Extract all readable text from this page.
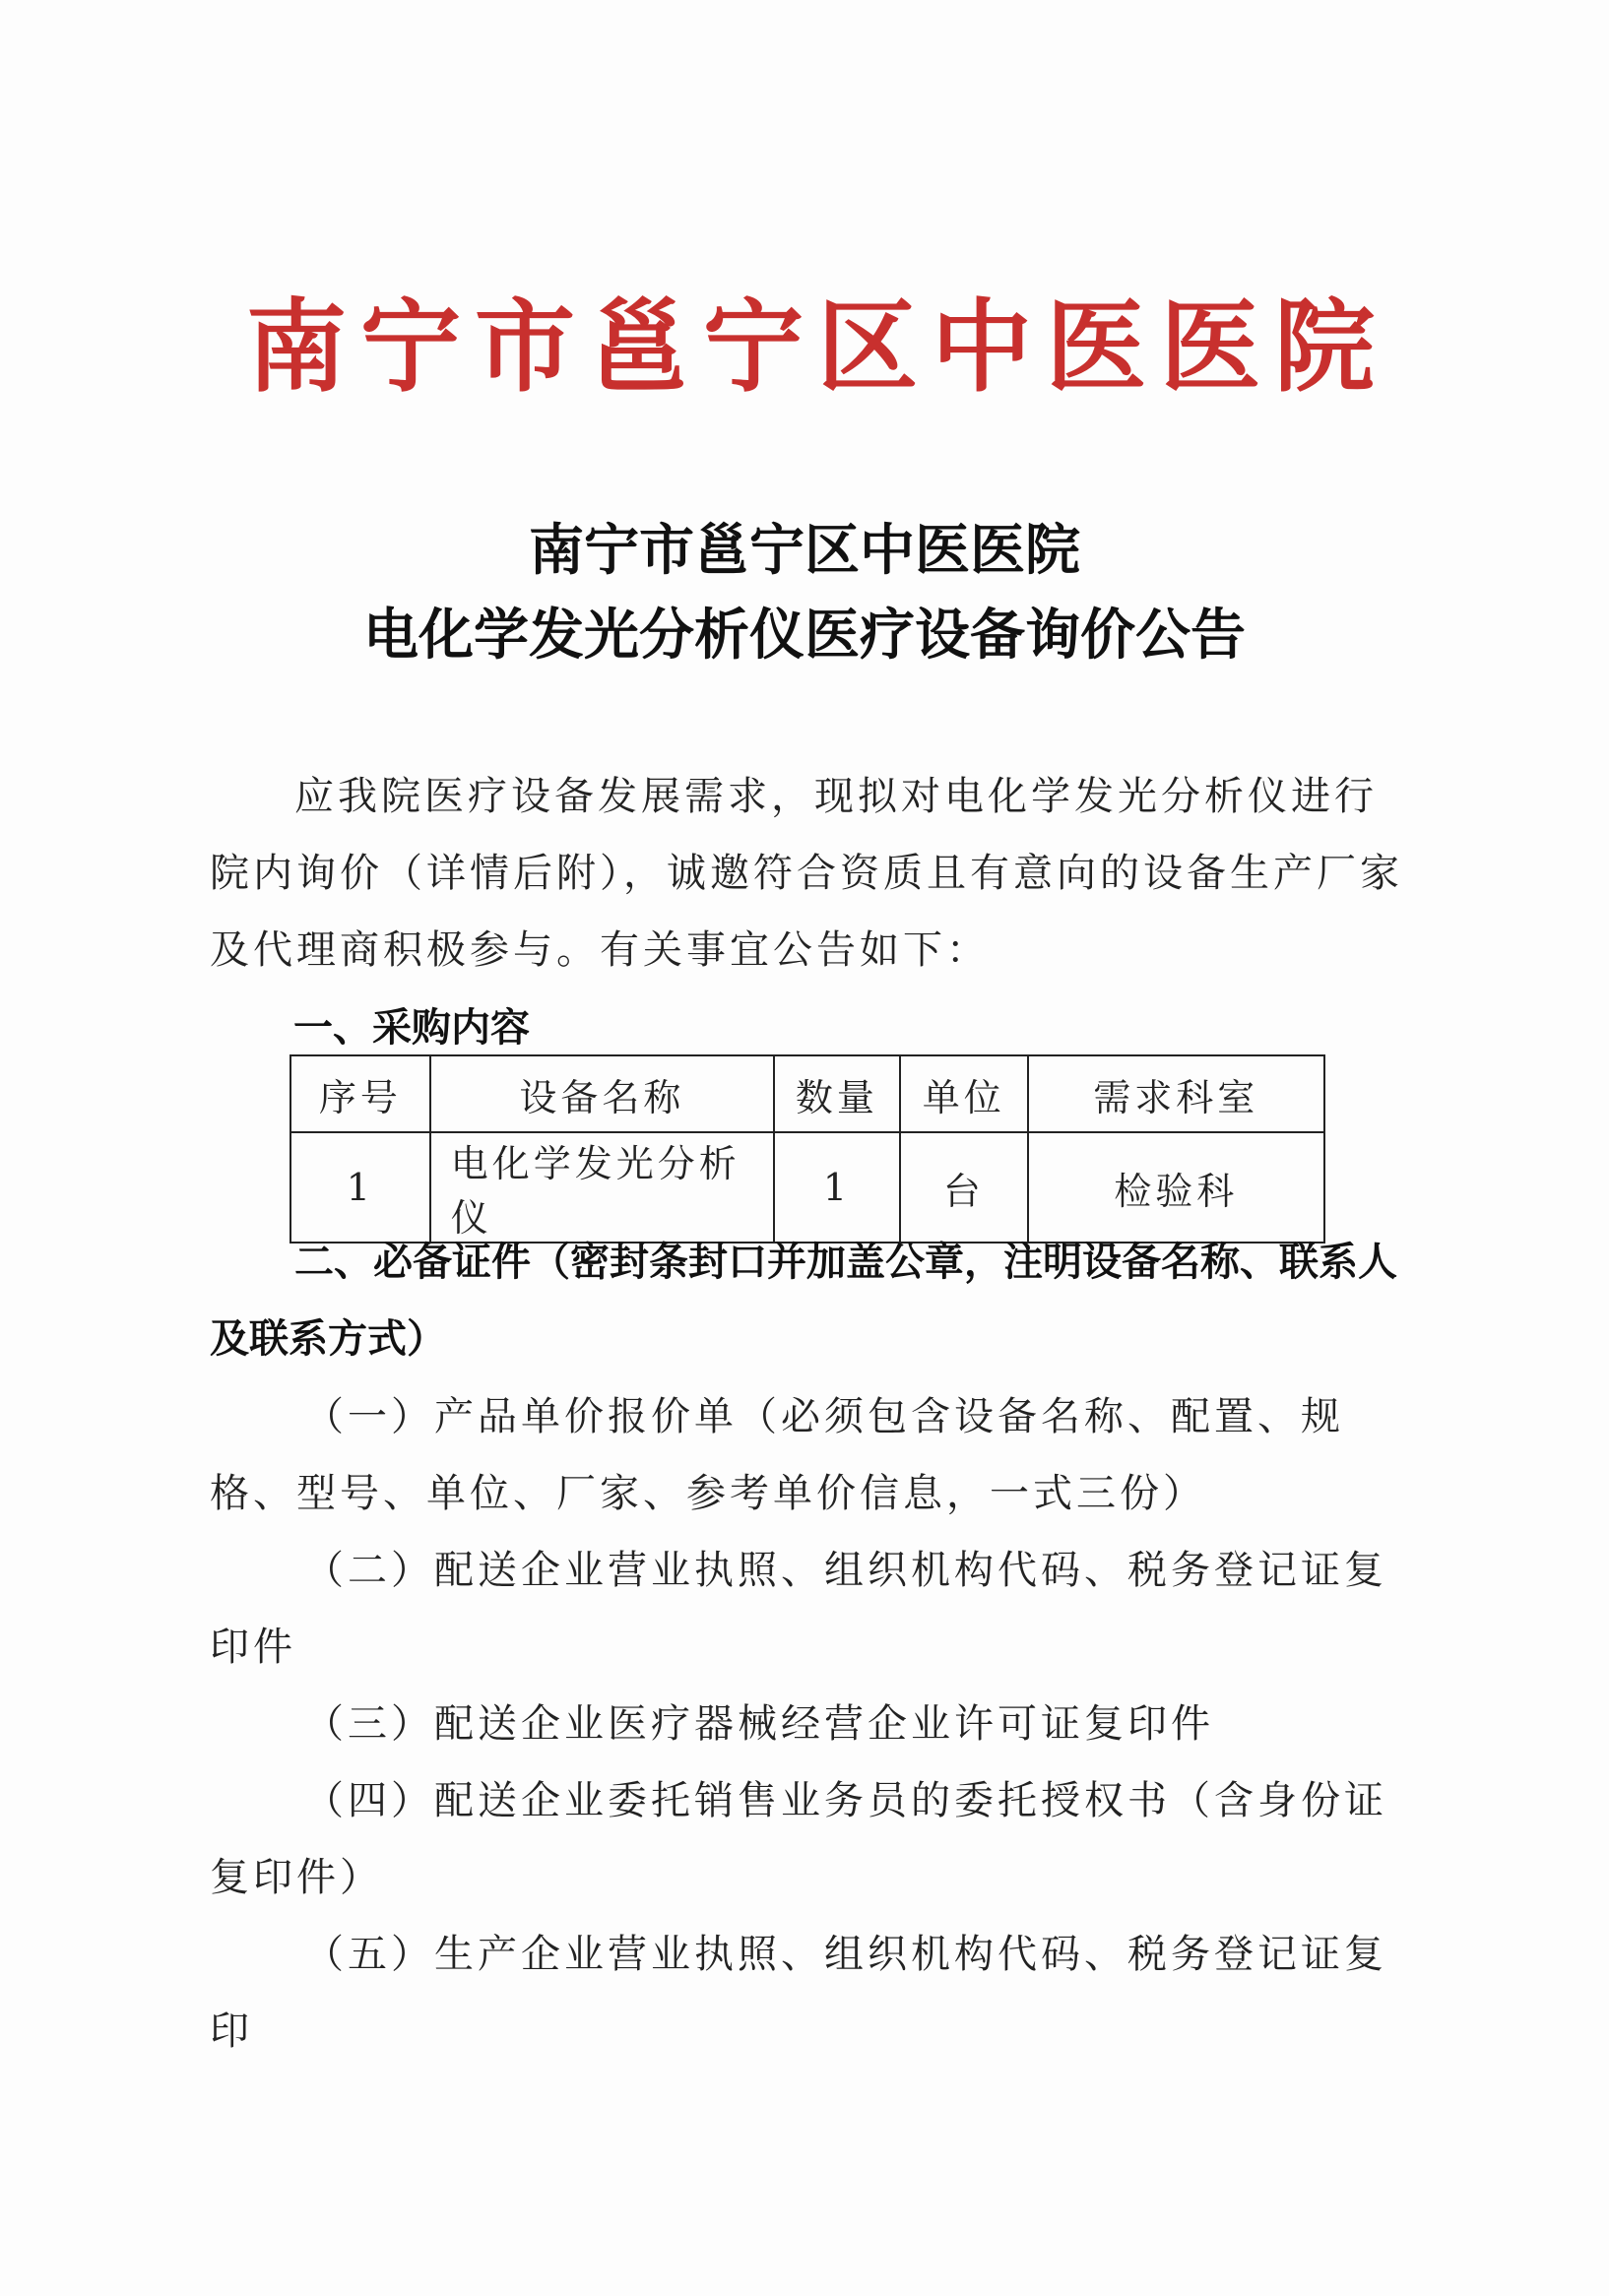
南宁市邕宁区中医医院
南宁市邕宁区中医医院
电化学发光分析仪医疗设备询价公告
应我院医疗设备发展需求，现拟对电化学发光分析仪进行院内询价（详情后附），诚邀符合资质且有意向的设备生产厂家及代理商积极参与。有关事宜公告如下：
一、采购内容
序号	设备名称	数量	单位	需求科室
1	电化学发光分析仪	1	台	检验科
二、必备证件（密封条封口并加盖公章，注明设备名称、联系人及联系方式）
（一）产品单价报价单（必须包含设备名称、配置、规格、型号、单位、厂家、参考单价信息，一式三份）
（二）配送企业营业执照、组织机构代码、税务登记证复印件
（三）配送企业医疗器械经营企业许可证复印件
（四）配送企业委托销售业务员的委托授权书（含身份证复印件）
（五）生产企业营业执照、组织机构代码、税务登记证复印
